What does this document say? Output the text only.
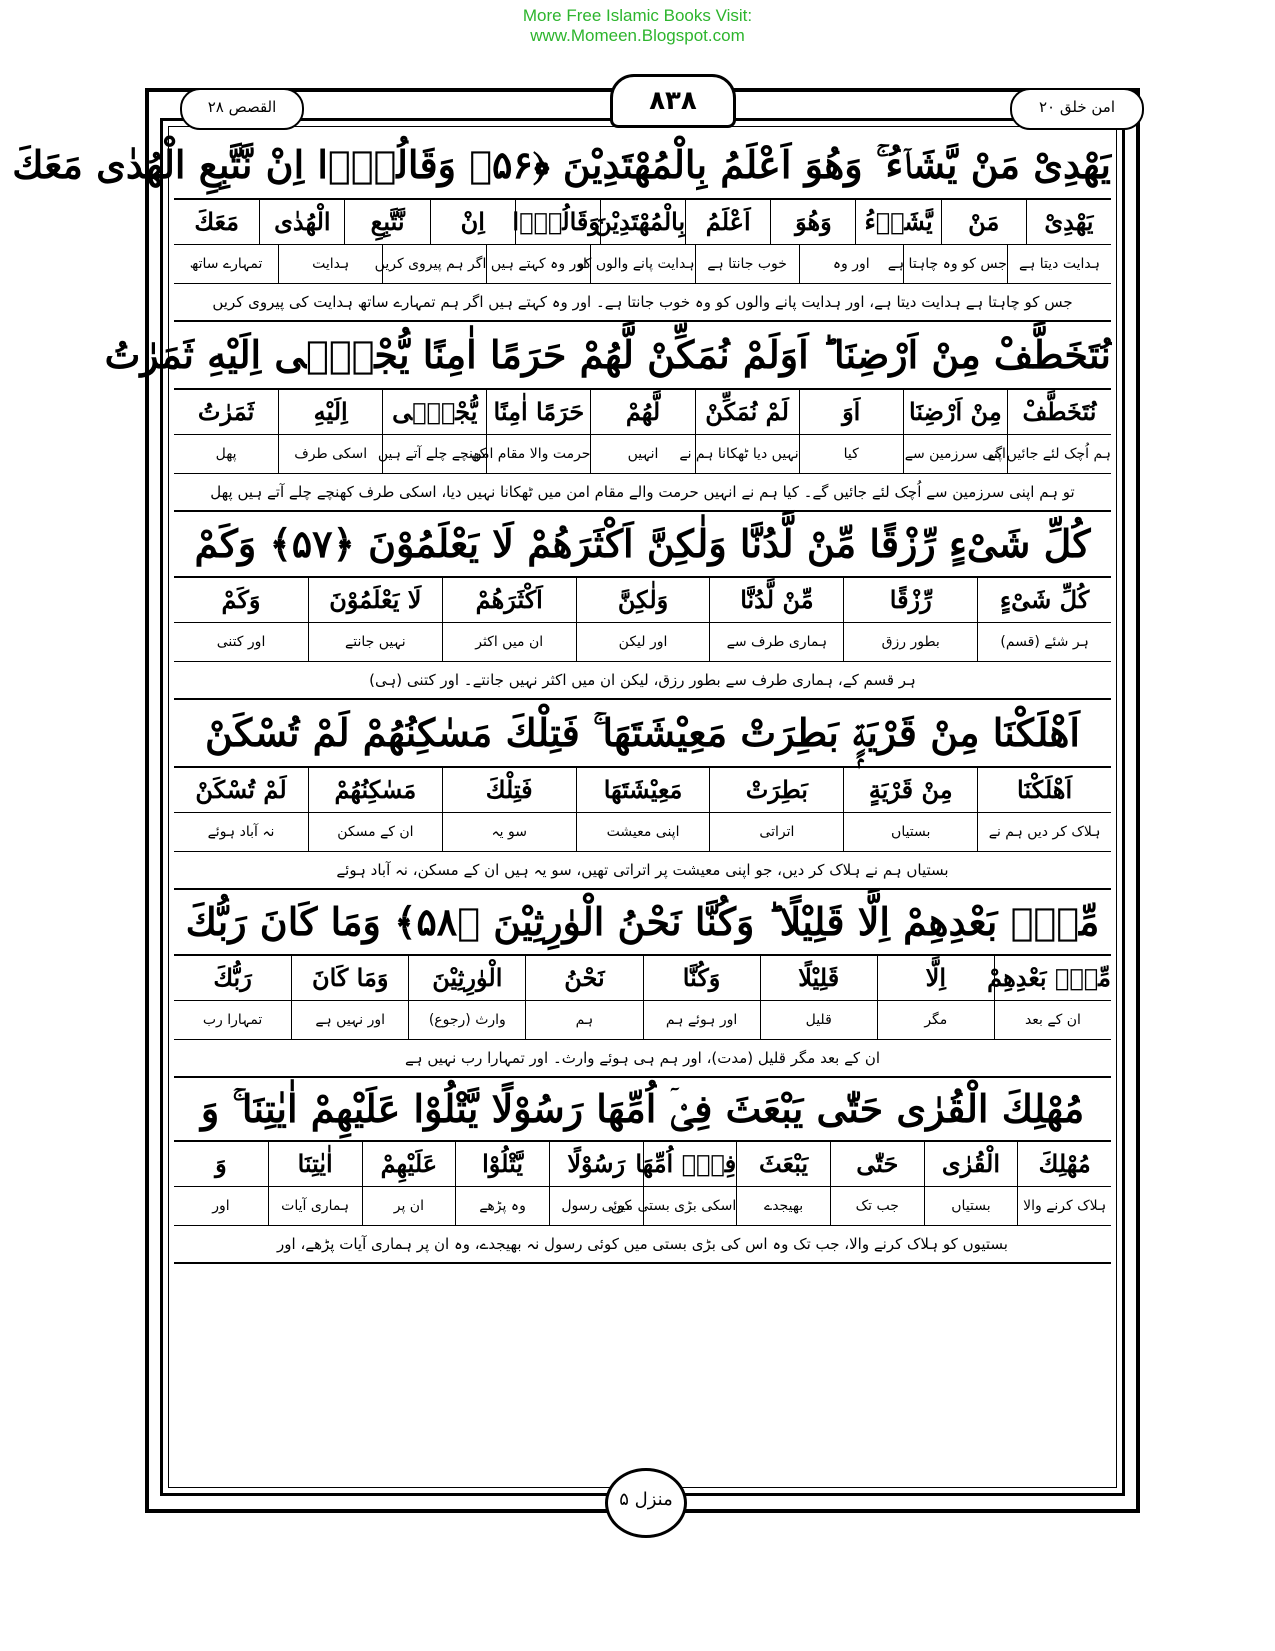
More Free Islamic Books Visit:
www.Momeen.Blogspot.com
القصص ۲۸	امن خلق ۲۰
۸۳۸
يَهْدِىْ مَنْ يَّشَاۤءُ ۚ وَهُوَ اَعْلَمُ بِالْمُهْتَدِيْنَ ﴿۵۶﴾ وَقَالُوْۤا اِنْ نَّتَّبِعِ الْهُدٰى مَعَكَ
يَهْدِىْ
مَنْ
يَّشَاۤءُ
وَهُوَ
اَعْلَمُ
بِالْمُهْتَدِيْنَ
وَقَالُوْۤا
اِنْ
نَّتَّبِعِ
الْهُدٰى
مَعَكَ
ہدایت دیتا ہے
جس کو وہ چاہتا ہے
اور وہ
خوب جانتا ہے
ہدایت پانے والوں کو
اور وہ کہتے ہیں
اگر ہم پیروی کریں
ہدایت
تمہارے ساتھ
جس کو چاہتا ہے ہدایت دیتا ہے، اور ہدایت پانے والوں کو وہ خوب جانتا ہے۔ اور وہ کہتے ہیں اگر ہم تمہارے ساتھ ہدایت کی پیروی کریں
نُتَخَطَّفْ مِنْ اَرْضِنَا ؕ اَوَلَمْ نُمَكِّنْ لَّهُمْ حَرَمًا اٰمِنًا يُّجْبٰۤى اِلَيْهِ ثَمَرٰتُ
نُتَخَطَّفْ
مِنْ اَرْضِنَا
اَوَ
لَمْ نُمَكِّنْ
لَّهُمْ
حَرَمًا اٰمِنًا
يُّجْبٰۤى
اِلَيْهِ
ثَمَرٰتُ
ہم اُچک لئے جائیں گے
اپنی سرزمین سے
کیا
نہیں دیا ٹھکانا ہم نے
انہیں
حرمت والا مقام امن
کھنچے چلے آتے ہیں
اسکی طرف
پھل
تو ہم اپنی سرزمین سے اُچک لئے جائیں گے۔ کیا ہم نے انہیں حرمت والے مقام امن میں ٹھکانا نہیں دیا، اسکی طرف کھنچے چلے آتے ہیں پھل
كُلِّ شَىْءٍ رِّزْقًا مِّنْ لَّدُنَّا وَلٰكِنَّ اَكْثَرَهُمْ لَا يَعْلَمُوْنَ ﴿۵۷﴾ وَكَمْ
كُلِّ شَىْءٍ
رِّزْقًا
مِّنْ لَّدُنَّا
وَلٰكِنَّ
اَكْثَرَهُمْ
لَا يَعْلَمُوْنَ
وَكَمْ
ہر شئے (قسم)
بطور رزق
ہماری طرف سے
اور لیکن
ان میں اکثر
نہیں جانتے
اور کتنی
ہر قسم کے، ہماری طرف سے بطور رزق، لیکن ان میں اکثر نہیں جانتے۔ اور کتنی (ہی)
اَهْلَكْنَا مِنْ قَرْيَةٍۭ بَطِرَتْ مَعِيْشَتَهَا ۚ فَتِلْكَ مَسٰكِنُهُمْ لَمْ تُسْكَنْ
اَهْلَكْنَا
مِنْ قَرْيَةٍ
بَطِرَتْ
مَعِيْشَتَهَا
فَتِلْكَ
مَسٰكِنُهُمْ
لَمْ تُسْكَنْ
ہلاک کر دیں ہم نے
بستیاں
اتراتی
اپنی معیشت
سو یہ
ان کے مسکن
نہ آباد ہوئے
بستیاں ہم نے ہلاک کر دیں، جو اپنی معیشت پر اتراتی تھیں، سو یہ ہیں ان کے مسکن، نہ آباد ہوئے
مِّنْۢ بَعْدِهِمْ اِلَّا قَلِيْلًا ؕ وَكُنَّا نَحْنُ الْوٰرِثِيْنَ ﴿۵۸﴾ وَمَا كَانَ رَبُّكَ
مِّنْۢ بَعْدِهِمْ
اِلَّا
قَلِيْلًا
وَكُنَّا
نَحْنُ
الْوٰرِثِيْنَ
وَمَا كَانَ
رَبُّكَ
ان کے بعد
مگر
قلیل
اور ہوئے ہم
ہم
وارث (رجوع)
اور نہیں ہے
تمہارا رب
ان کے بعد مگر قلیل (مدت)، اور ہم ہی ہوئے وارث۔ اور تمہارا رب نہیں ہے
مُهْلِكَ الْقُرٰى حَتّٰى يَبْعَثَ فِىْۤ اُمِّهَا رَسُوْلًا يَّتْلُوْا عَلَيْهِمْ اٰيٰتِنَا ۚ وَ
مُهْلِكَ
الْقُرٰى
حَتّٰى
يَبْعَثَ
فِىْۤ اُمِّهَا
رَسُوْلًا
يَّتْلُوْا
عَلَيْهِمْ
اٰيٰتِنَا
وَ
ہلاک کرنے والا
بستیاں
جب تک
بھیجدے
اسکی بڑی بستی میں
کوئی رسول
وہ پڑھے
ان پر
ہماری آیات
اور
بستیوں کو ہلاک کرنے والا، جب تک وہ اس کی بڑی بستی میں کوئی رسول نہ بھیجدے، وہ ان پر ہماری آیات پڑھے، اور
منزل ۵
